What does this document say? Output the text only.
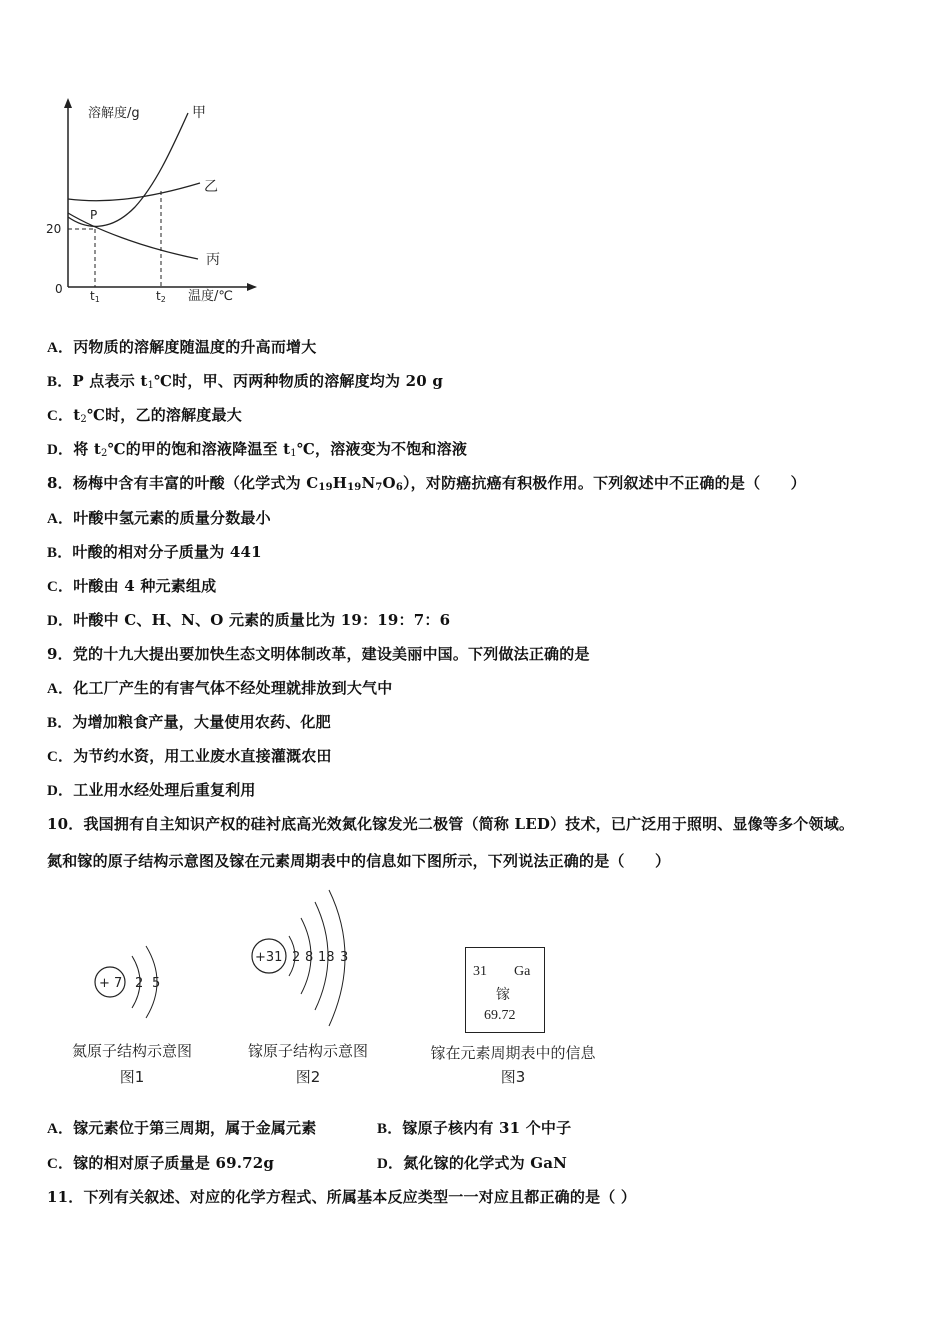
溶解度/g	甲
乙
丙
P
20
0 t1	t2 温度/℃
A．丙物质的溶解度随温度的升高而增大
B．P 点表示 $t_1℃$时，甲、丙两种物质的溶解度均为 20 g
C．$t_2℃$时，乙的溶解度最大
D．将 $t_2℃$的甲的饱和溶液降温至 $t_1℃$，溶液变为不饱和溶液
8．杨梅中含有丰富的叶酸（化学式为 C19H19N7O6），对防癌抗癌有积极作用。下列叙述中不正确的是（　　）
A．叶酸中氢元素的质量分数最小
B．叶酸的相对分子质量为 441
C．叶酸由 4 种元素组成
D．叶酸中 C、H、N、O 元素的质量比为 19：19：7：6
9．党的十九大提出要加快生态文明体制改革，建设美丽中国。下列做法正确的是
A．化工厂产生的有害气体不经处理就排放到大气中
B．为增加粮食产量，大量使用农药、化肥
C．为节约水资，用工业废水直接灌溉农田
D．工业用水经处理后重复利用
10．我国拥有自主知识产权的硅衬底高光效氮化镓发光二极管（简称 LED）技术，已广泛用于照明、显像等多个领域。
氮和镓的原子结构示意图及镓在元素周期表中的信息如下图所示，下列说法正确的是（　　）
+ 7 2 5
氮原子结构示意图
图1
+31 2 8 18 3
镓原子结构示意图
图2
31 Ga
镓
69.72
镓在元素周期表中的信息
图3
A．镓元素位于第三周期，属于金属元素	B．镓原子核内有 31 个中子
C．镓的相对原子质量是 69.72g	D．氮化镓的化学式为 GaN
11．下列有关叙述、对应的化学方程式、所属基本反应类型一一对应且都正确的是（ ）
